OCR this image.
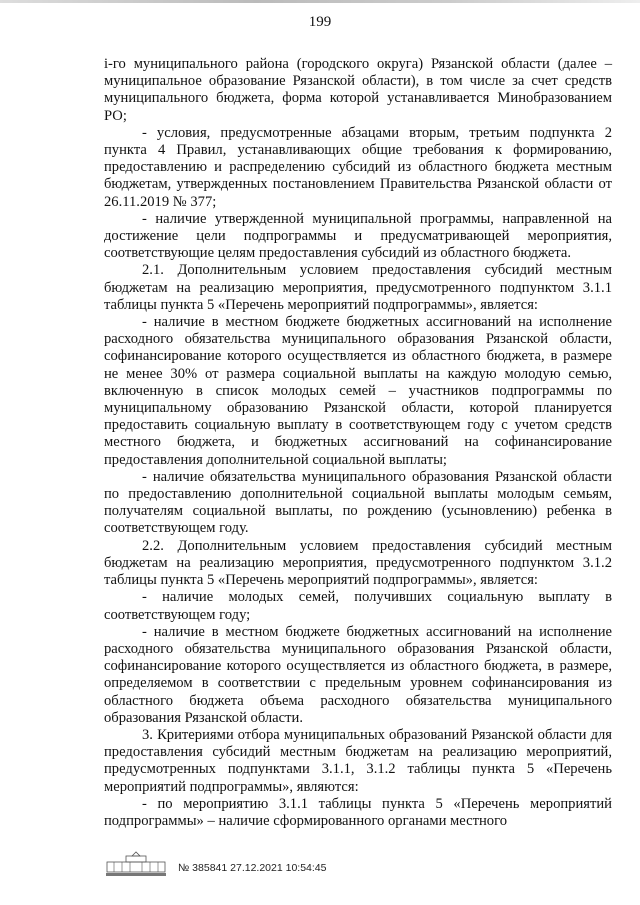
199

i-го муниципального района (городского округа) Рязанской области (далее – муниципальное образование Рязанской области), в том числе за счет средств муниципального бюджета, форма которой устанавливается Минобразованием РО;

- условия, предусмотренные абзацами вторым, третьим подпункта 2 пункта 4 Правил, устанавливающих общие требования к формированию, предоставлению и распределению субсидий из областного бюджета местным бюджетам, утвержденных постановлением Правительства Рязанской области от 26.11.2019 № 377;

- наличие утвержденной муниципальной программы, направленной на достижение цели подпрограммы и предусматривающей мероприятия, соответствующие целям предоставления субсидий из областного бюджета.

2.1. Дополнительным условием предоставления субсидий местным бюджетам на реализацию мероприятия, предусмотренного подпунктом 3.1.1 таблицы пункта 5 «Перечень мероприятий подпрограммы», является:

- наличие в местном бюджете бюджетных ассигнований на исполнение расходного обязательства муниципального образования Рязанской области, софинансирование которого осуществляется из областного бюджета, в размере не менее 30% от размера социальной выплаты на каждую молодую семью, включенную в список молодых семей – участников подпрограммы по муниципальному образованию Рязанской области, которой планируется предоставить социальную выплату в соответствующем году с учетом средств местного бюджета, и бюджетных ассигнований на софинансирование предоставления дополнительной социальной выплаты;

- наличие обязательства муниципального образования Рязанской области по предоставлению дополнительной социальной выплаты молодым семьям, получателям социальной выплаты, по рождению (усыновлению) ребенка в соответствующем году.

2.2. Дополнительным условием предоставления субсидий местным бюджетам на реализацию мероприятия, предусмотренного подпунктом 3.1.2 таблицы пункта 5 «Перечень мероприятий подпрограммы», является:

- наличие молодых семей, получивших социальную выплату в соответствующем году;

- наличие в местном бюджете бюджетных ассигнований на исполнение расходного обязательства муниципального образования Рязанской области, софинансирование которого осуществляется из областного бюджета, в размере, определяемом в соответствии с предельным уровнем софинансирования из областного бюджета объема расходного обязательства муниципального образования Рязанской области.

3. Критериями отбора муниципальных образований Рязанской области для предоставления субсидий местным бюджетам на реализацию мероприятий, предусмотренных подпунктами 3.1.1, 3.1.2 таблицы пункта 5 «Перечень мероприятий подпрограммы», являются:

- по мероприятию 3.1.1 таблицы пункта 5 «Перечень мероприятий подпрограммы» – наличие сформированного органами местного

№ 385841 27.12.2021 10:54:45
